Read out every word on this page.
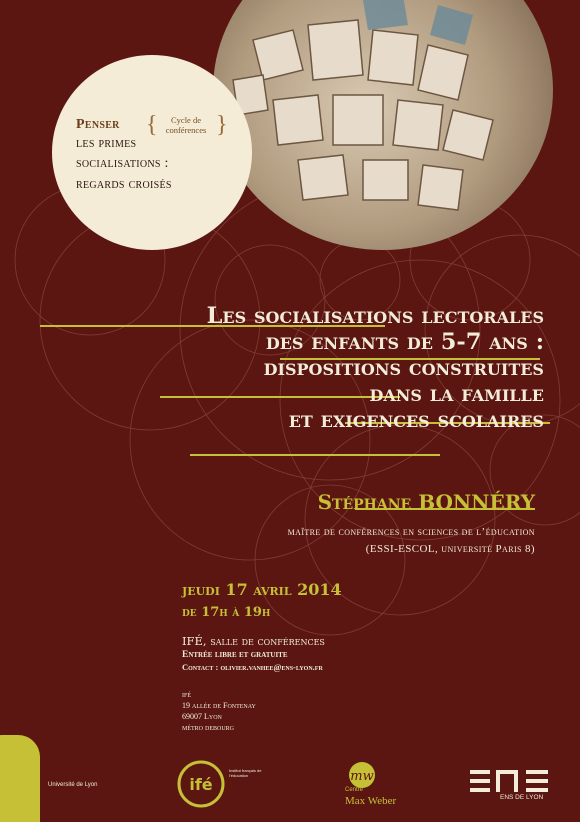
Penser {	Cycle de
conférences }
les primes
socialisations :
regards croisés
Les socialisations lectorales
des enfants de 5-7 ans :
dispositions construites
dans la famille
et exigences scolaires
Stéphane BONNÉRY
maître de conférences en sciences de l’éducation
(ESSI-ESCOL, université Paris 8)
jeudi 17 avril 2014
de 17h à 19h
IFÉ, salle de conférences
Entrée libre et gratuite
Contact : olivier.vanhee@ens-lyon.fr
ifé
19 allée de Fontenay
69007 Lyon
métro debourg
Université de Lyon	ifé
Institut français de l’éducation	mw
Centre
Max Weber	ENS DE LYON
